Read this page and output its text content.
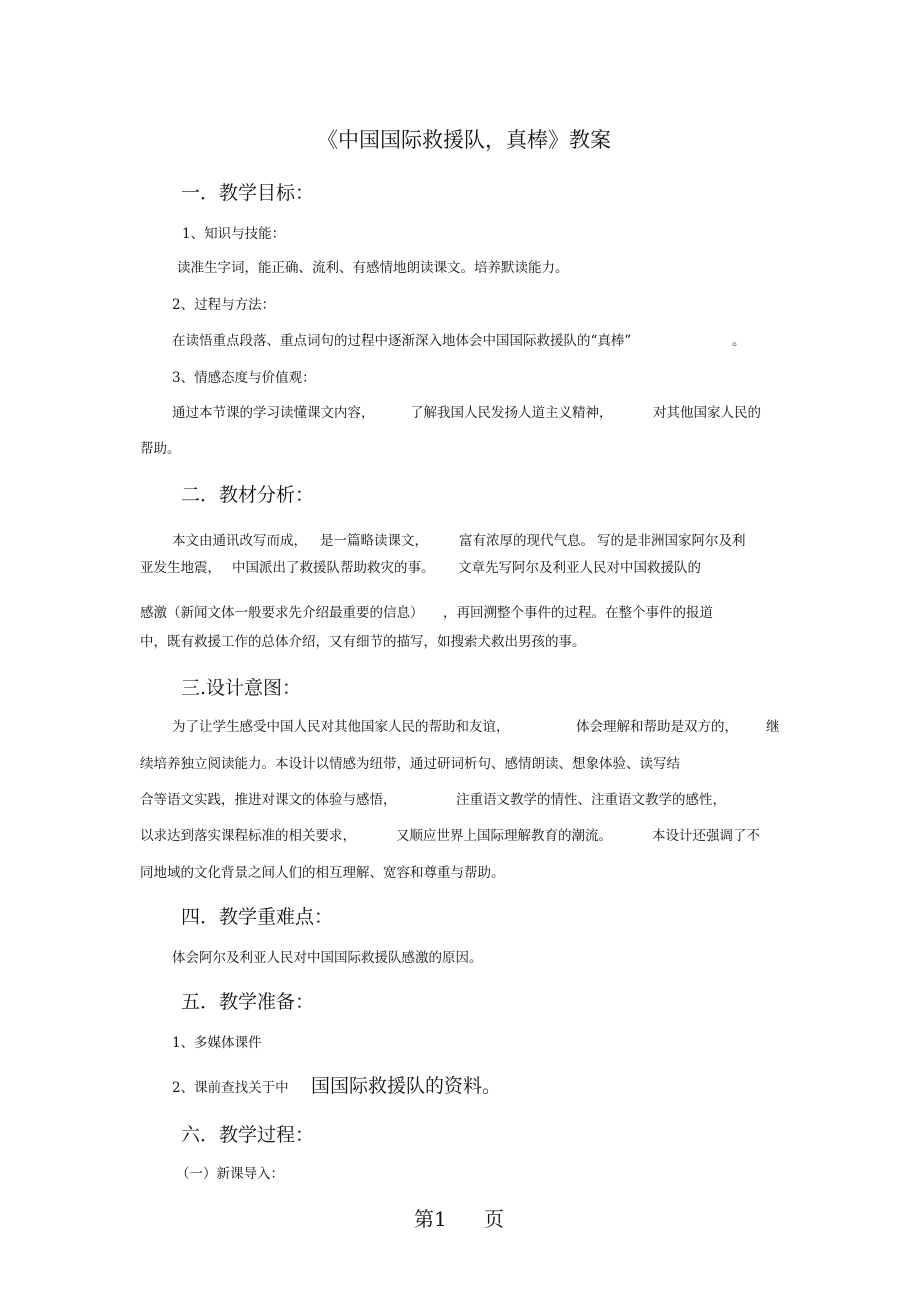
《中国国际救援队，真棒》教案
一．教学目标：
1、知识与技能：
读准生字词，能正确、流利、有感情地朗读课文。培养默读能力。
2、过程与方法：
在读悟重点段落、重点词句的过程中逐渐深入地体会中国国际救援队的“真棒”	。
3、情感态度与价值观：
通过本节课的学习读懂课文内容，	了解我国人民发扬人道主义精神，	对其他国家人民的
帮助。
二．教材分析：
本文由通讯改写而成， 是一篇略读课文， 富有浓厚的现代气息。 写的是非洲国家阿尔及利
亚发生地震， 中国派出了救援队帮助救灾的事。 文章先写阿尔及利亚人民对中国救援队的
感激（新闻文体一般要求先介绍最重要的信息） ，再回溯整个事件的过程。在整个事件的报道
中，既有救援工作的总体介绍，又有细节的描写，如搜索犬救出男孩的事。
三.设计意图：
为了让学生感受中国人民对其他国家人民的帮助和友谊，	体会理解和帮助是双方的， 继
续培养独立阅读能力。本设计以情感为纽带，通过研词析句、感情朗读、想象体验、读写结
合等语文实践，推进对课文的体验与感悟，	注重语文教学的情性、注重语文教学的感性，
以求达到落实课程标准的相关要求，	又顺应世界上国际理解教育的潮流。	本设计还强调了不
同地域的文化背景之间人们的相互理解、宽容和尊重与帮助。
四．教学重难点：
体会阿尔及利亚人民对中国国际救援队感激的原因。
五．教学准备：
1、多媒体课件
2、课前查找关于中 国国际救援队的资料。
六．教学过程：
（一）新课导入：
第1 页
